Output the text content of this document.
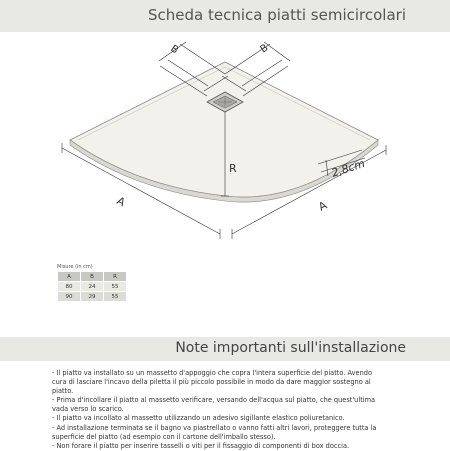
Scheda tecnica piatti semicircolari
B	B
R
A	A
2,8cm
Misure (in cm)
A	B	R
80	24	55
90	29	55
Note importanti sull'installazione
- Il piatto va installato su un massetto d'appoggio che copra l'intera superficie del piatto. Avendo
cura di lasciare l'incavo della piletta il più piccolo possibile in modo da dare maggior sostegno al
piatto.
- Prima d'incollare il piatto al massetto verificare, versando dell'acqua sul piatto, che quest'ultima
vada verso lo scarico.
- Il piatto va incollato al massetto utilizzando un adesivo sigillante elastico poliuretanico.
- Ad installazione terminata se il bagno va piastrellato o vanno fatti altri lavori, proteggere tutta la
superficie del piatto (ad esempio con il cartone dell'imballo stesso).
- Non forare il piatto per inserire tasselli o viti per il fissaggio di componenti di box doccia.
